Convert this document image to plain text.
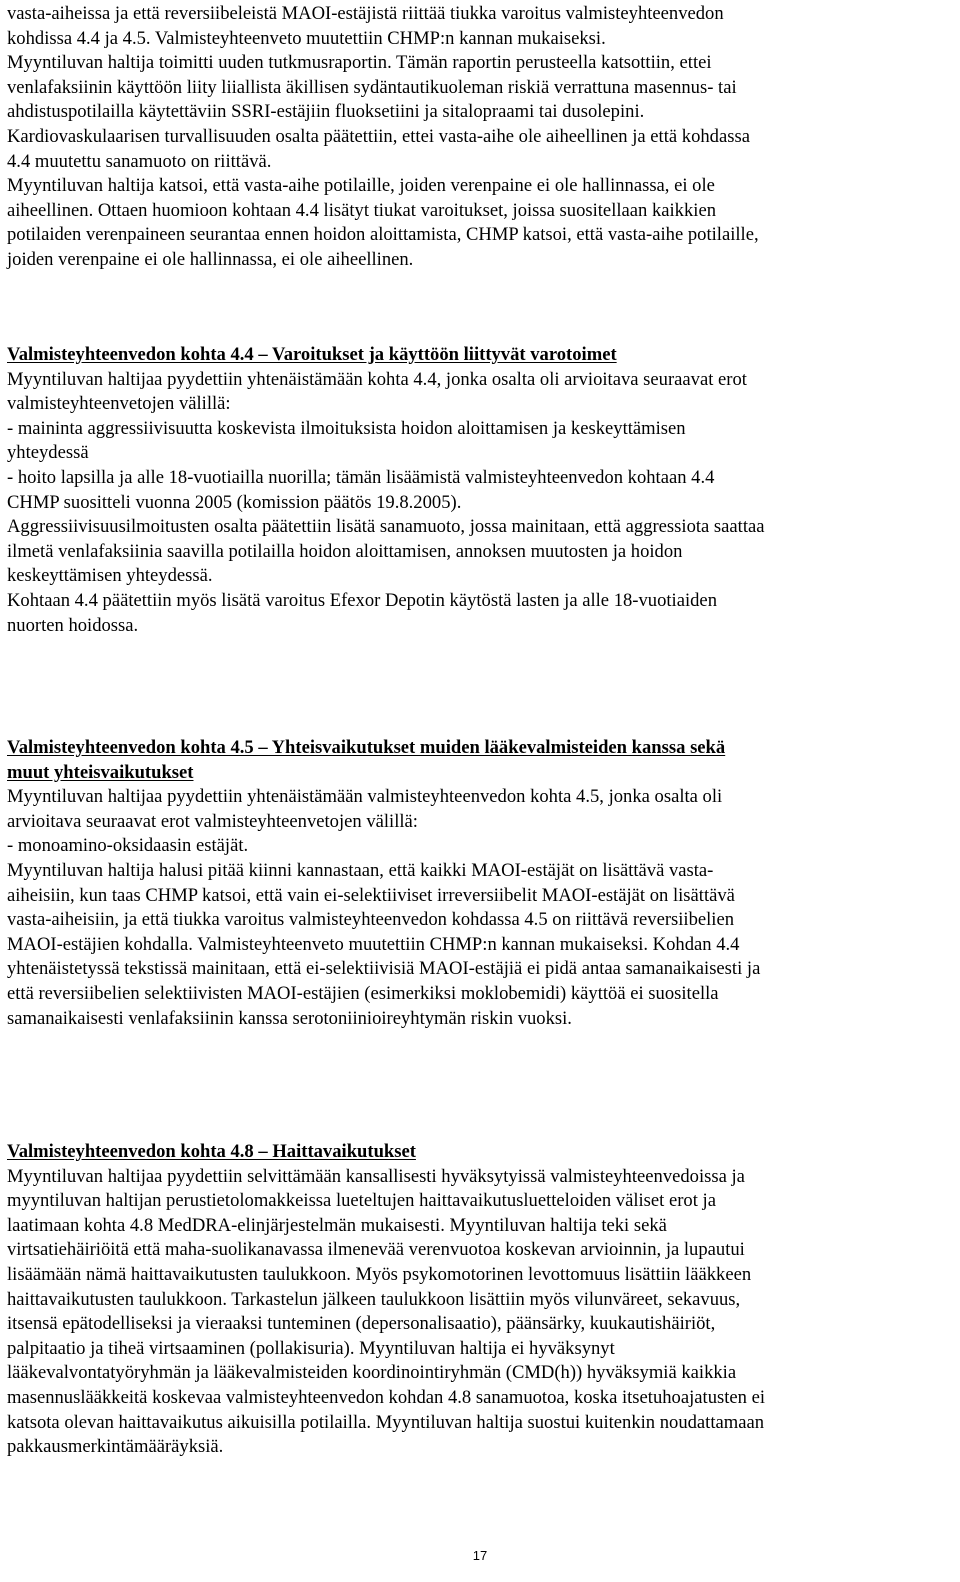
vasta-aiheissa ja että reversiibeleistä MAOI-estäjistä riittää tiukka varoitus valmisteyhteenvedon
kohdissa 4.4 ja 4.5. Valmisteyhteenveto muutettiin CHMP:n kannan mukaiseksi.
Myyntiluvan haltija toimitti uuden tutkmusraportin. Tämän raportin perusteella katsottiin, ettei
venlafaksiinin käyttöön liity liiallista äkillisen sydäntautikuoleman riskiä verrattuna masennus- tai
ahdistuspotilailla käytettäviin SSRI-estäjiin fluoksetiini ja sitalopraami tai dusolepini.
Kardiovaskulaarisen turvallisuuden osalta päätettiin, ettei vasta-aihe ole aiheellinen ja että kohdassa
4.4 muutettu sanamuoto on riittävä.
Myyntiluvan haltija katsoi, että vasta-aihe potilaille, joiden verenpaine ei ole hallinnassa, ei ole
aiheellinen. Ottaen huomioon kohtaan 4.4 lisätyt tiukat varoitukset, joissa suositellaan kaikkien
potilaiden verenpaineen seurantaa ennen hoidon aloittamista, CHMP katsoi, että vasta-aihe potilaille,
joiden verenpaine ei ole hallinnassa, ei ole aiheellinen.
Valmisteyhteenvedon kohta 4.4 – Varoitukset ja käyttöön liittyvät varotoimet
Myyntiluvan haltijaa pyydettiin yhtenäistämään kohta 4.4, jonka osalta oli arvioitava seuraavat erot
valmisteyhteenvetojen välillä:
- maininta aggressiivisuutta koskevista ilmoituksista hoidon aloittamisen ja keskeyttämisen
yhteydessä
- hoito lapsilla ja alle 18-vuotiailla nuorilla; tämän lisäämistä valmisteyhteenvedon kohtaan 4.4
CHMP suositteli vuonna 2005 (komission päätös 19.8.2005).
Aggressiivisuusilmoitusten osalta päätettiin lisätä sanamuoto, jossa mainitaan, että aggressiota saattaa
ilmetä venlafaksiinia saavilla potilailla hoidon aloittamisen, annoksen muutosten ja hoidon
keskeyttämisen yhteydessä.
Kohtaan 4.4 päätettiin myös lisätä varoitus Efexor Depotin käytöstä lasten ja alle 18-vuotiaiden
nuorten hoidossa.
Valmisteyhteenvedon kohta 4.5 – Yhteisvaikutukset muiden lääkevalmisteiden kanssa sekä
muut yhteisvaikutukset
Myyntiluvan haltijaa pyydettiin yhtenäistämään valmisteyhteenvedon kohta 4.5, jonka osalta oli
arvioitava seuraavat erot valmisteyhteenvetojen välillä:
- monoamino-oksidaasin estäjät.
Myyntiluvan haltija halusi pitää kiinni kannastaan, että kaikki MAOI-estäjät on lisättävä vasta-
aiheisiin, kun taas CHMP katsoi, että vain ei-selektiiviset irreversiibelit MAOI-estäjät on lisättävä
vasta-aiheisiin, ja että tiukka varoitus valmisteyhteenvedon kohdassa 4.5 on riittävä reversiibelien
MAOI-estäjien kohdalla. Valmisteyhteenveto muutettiin CHMP:n kannan mukaiseksi. Kohdan 4.4
yhtenäistetyssä tekstissä mainitaan, että ei-selektiivisiä MAOI-estäjiä ei pidä antaa samanaikaisesti ja
että reversiibelien selektiivisten MAOI-estäjien (esimerkiksi moklobemidi) käyttöä ei suositella
samanaikaisesti venlafaksiinin kanssa serotoniinioireyhtymän riskin vuoksi.
Valmisteyhteenvedon kohta 4.8 – Haittavaikutukset
Myyntiluvan haltijaa pyydettiin selvittämään kansallisesti hyväksytyissä valmisteyhteenvedoissa ja
myyntiluvan haltijan perustietolomakkeissa lueteltujen haittavaikutusluetteloiden väliset erot ja
laatimaan kohta 4.8 MedDRA-elinjärjestelmän mukaisesti. Myyntiluvan haltija teki sekä
virtsatiehäiriöitä että maha-suolikanavassa ilmenevää verenvuotoa koskevan arvioinnin, ja lupautui
lisäämään nämä haittavaikutusten taulukkoon. Myös psykomotorinen levottomuus lisättiin lääkkeen
haittavaikutusten taulukkoon. Tarkastelun jälkeen taulukkoon lisättiin myös vilunväreet, sekavuus,
itsensä epätodelliseksi ja vieraaksi tunteminen (depersonalisaatio), päänsärky, kuukautishäiriöt,
palpitaatio ja tiheä virtsaaminen (pollakisuria). Myyntiluvan haltija ei hyväksynyt
lääkevalvontatyöryhmän ja lääkevalmisteiden koordinointiryhmän (CMD(h)) hyväksymiä kaikkia
masennuslääkkeitä koskevaa valmisteyhteenvedon kohdan 4.8 sanamuotoa, koska itsetuhoajatusten ei
katsota olevan haittavaikutus aikuisilla potilailla. Myyntiluvan haltija suostui kuitenkin noudattamaan
pakkausmerkintämääräyksiä.
17
